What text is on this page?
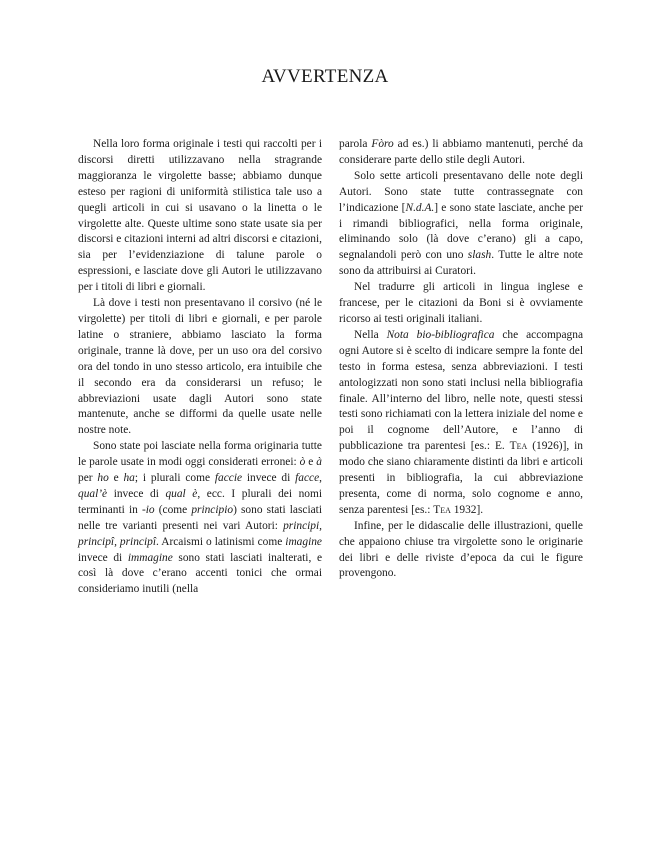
AVVERTENZA

Nella loro forma originale i testi qui raccolti per i discorsi diretti utilizzavano nella stragrande maggioranza le virgolette basse; abbiamo dunque esteso per ragioni di uniformità stilistica tale uso a quegli articoli in cui si usavano o la linetta o le virgolette alte. Queste ultime sono state usate sia per discorsi e citazioni interni ad altri discorsi e citazioni, sia per l’evidenziazione di talune parole o espressioni, e lasciate dove gli Autori le utilizzavano per i titoli di libri e giornali.

Là dove i testi non presentavano il corsivo (né le virgolette) per titoli di libri e giornali, e per parole latine o straniere, abbiamo lasciato la forma originale, tranne là dove, per un uso ora del corsivo ora del tondo in uno stesso articolo, era intuibile che il secondo era da considerarsi un refuso; le abbreviazioni usate dagli Autori sono state mantenute, anche se difformi da quelle usate nelle nostre note.

Sono state poi lasciate nella forma originaria tutte le parole usate in modi oggi considerati erronei: ò e à per ho e ha; i plurali come faccie invece di facce, qual’è invece di qual è, ecc. I plurali dei nomi terminanti in -io (come principio) sono stati lasciati nelle tre varianti presenti nei vari Autori: principi, principî, principî. Arcaismi o latinismi come imagine invece di immagine sono stati lasciati inalterati, e così là dove c’erano accenti tonici che ormai consideriamo inutili (nella

parola Fòro ad es.) li abbiamo mantenuti, perché da considerare parte dello stile degli Autori.

Solo sette articoli presentavano delle note degli Autori. Sono state tutte contrassegnate con l’indicazione [N.d.A.] e sono state lasciate, anche per i rimandi bibliografici, nella forma originale, eliminando solo (là dove c’erano) gli a capo, segnalandoli però con uno slash. Tutte le altre note sono da attribuirsi ai Curatori.

Nel tradurre gli articoli in lingua inglese e francese, per le citazioni da Boni si è ovviamente ricorso ai testi originali italiani.

Nella Nota bio-bibliografica che accompagna ogni Autore si è scelto di indicare sempre la fonte del testo in forma estesa, senza abbreviazioni. I testi antologizzati non sono stati inclusi nella bibliografia finale. All’interno del libro, nelle note, questi stessi testi sono richiamati con la lettera iniziale del nome e poi il cognome dell’Autore, e l’anno di pubblicazione tra parentesi [es.: E. Tea (1926)], in modo che siano chiaramente distinti da libri e articoli presenti in bibliografia, la cui abbreviazione presenta, come di norma, solo cognome e anno, senza parentesi [es.: Tea 1932].

Infine, per le didascalie delle illustrazioni, quelle che appaiono chiuse tra virgolette sono le originarie dei libri e delle riviste d’epoca da cui le figure provengono.
